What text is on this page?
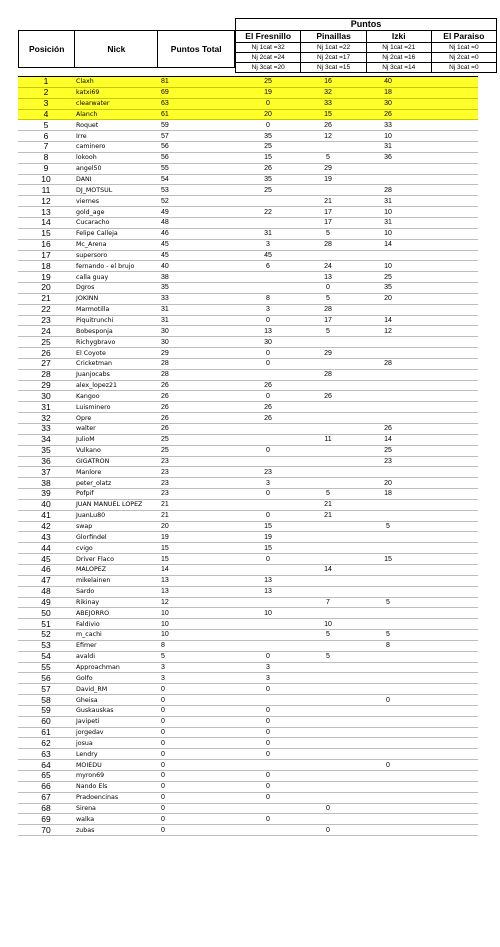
Puntos			
El Fresnillo	Pinaillas	Izki	El Paraiso
Nj 1cat =32	Nj 1cat =22	Nj 1cat =21	Nj 1cat =0
Nj 2cat =24	Nj 2cat =17	Nj 2cat =16	Nj 2cat =0
Nj 3cat =20	Nj 3cat =15	Nj 3cat =14	Nj 3cat =0
Posición	Nick	Puntos Total
1	Claxh	81	25	16	40	
2	katxi69	69	19	32	18	
3	clearwater	63	0	33	30	
4	Alanch	61	20	15	26	
5	Roquet	59	0	26	33	
6	Irre	57	35	12	10	
7	caminero	56	25		31	
8	lokooh	56	15	5	36	
9	angel50	55	26	29		
10	DANI	54	35	19		
11	DJ_MOTSUL	53	25		28	
12	viernes	52		21	31	
13	gold_age	49	22	17	10	
14	Cucaracho	48		17	31	
15	Felipe Calleja	46	31	5	10	
16	Mc_Arena	45	3	28	14	
17	supersoro	45	45			
18	fernando - el brujo	40	6	24	10	
19	calla guay	38		13	25	
20	Dgros	35		0	35	
21	JOKINN	33	8	5	20	
22	Marmotilla	31	3	28		
23	Piquitrunchi	31	0	17	14	
24	Bobesponja	30	13	5	12	
25	Richygbravo	30	30			
26	El Coyote	29	0	29		
27	Cricketman	28	0		28	
28	Juanjocabs	28		28		
29	alex_lopez21	26	26			
30	Kangoo	26	0	26		
31	Luisminero	26	26			
32	Opre	26	26			
33	walter	26			26	
34	JulioM	25		11	14	
35	Vulkano	25	0		25	
36	GIGATRON	23			23	
37	Manlore	23	23			
38	peter_olatz	23	3		20	
39	Pofpif	23	0	5	18	
40	JUAN MANUEL LOPEZ	21		21		
41	JuanLu80	21	0	21		
42	swap	20	15		5	
43	Glorfindel	19	19			
44	cvigo	15	15			
45	Driver Flaco	15	0		15	
46	MALOPEZ	14		14		
47	mikelainen	13	13			
48	Sardo	13	13			
49	Rikinay	12		7	5	
50	ABEJORRO	10	10			
51	Faldivio	10		10		
52	m_cachi	10		5	5	
53	Efimer	8			8	
54	avaldi	5	0	5		
55	Approachman	3	3			
56	Golfo	3	3			
57	David_RM	0	0			
58	Gheisa	0			0	
59	Guskauskas	0	0			
60	Javipeti	0	0			
61	jorgedav	0	0			
62	josua	0	0			
63	Lendry	0	0			
64	MOIEDU	0			0	
65	myron69	0	0			
66	Nando Els	0	0			
67	Pradoencinas	0	0			
68	Sirena	0		0		
69	walka	0	0			
70	zubas	0		0		
